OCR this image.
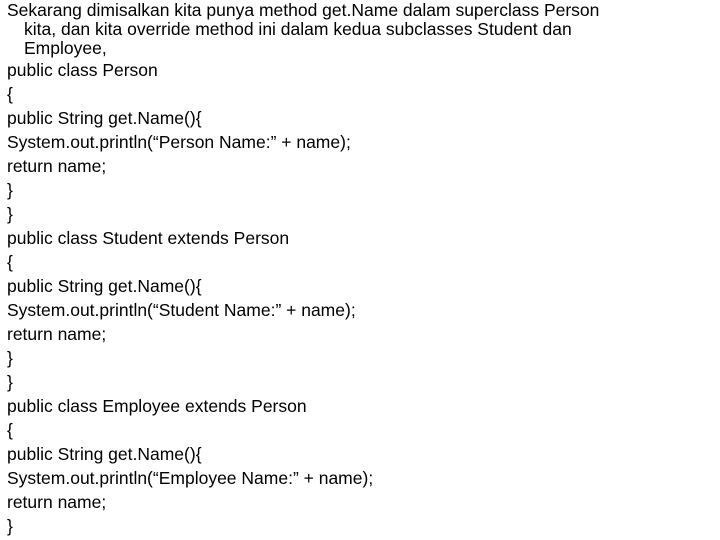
Sekarang dimisalkan kita punya method get.Name dalam superclass Person
kita, dan kita override method ini dalam kedua subclasses Student dan
Employee,
public class Person
{
public String get.Name(){
System.out.println(“Person Name:” + name);
return name;
}
}
public class Student extends Person
{
public String get.Name(){
System.out.println(“Student Name:” + name);
return name;
}
}
public class Employee extends Person
{
public String get.Name(){
System.out.println(“Employee Name:” + name);
return name;
}
